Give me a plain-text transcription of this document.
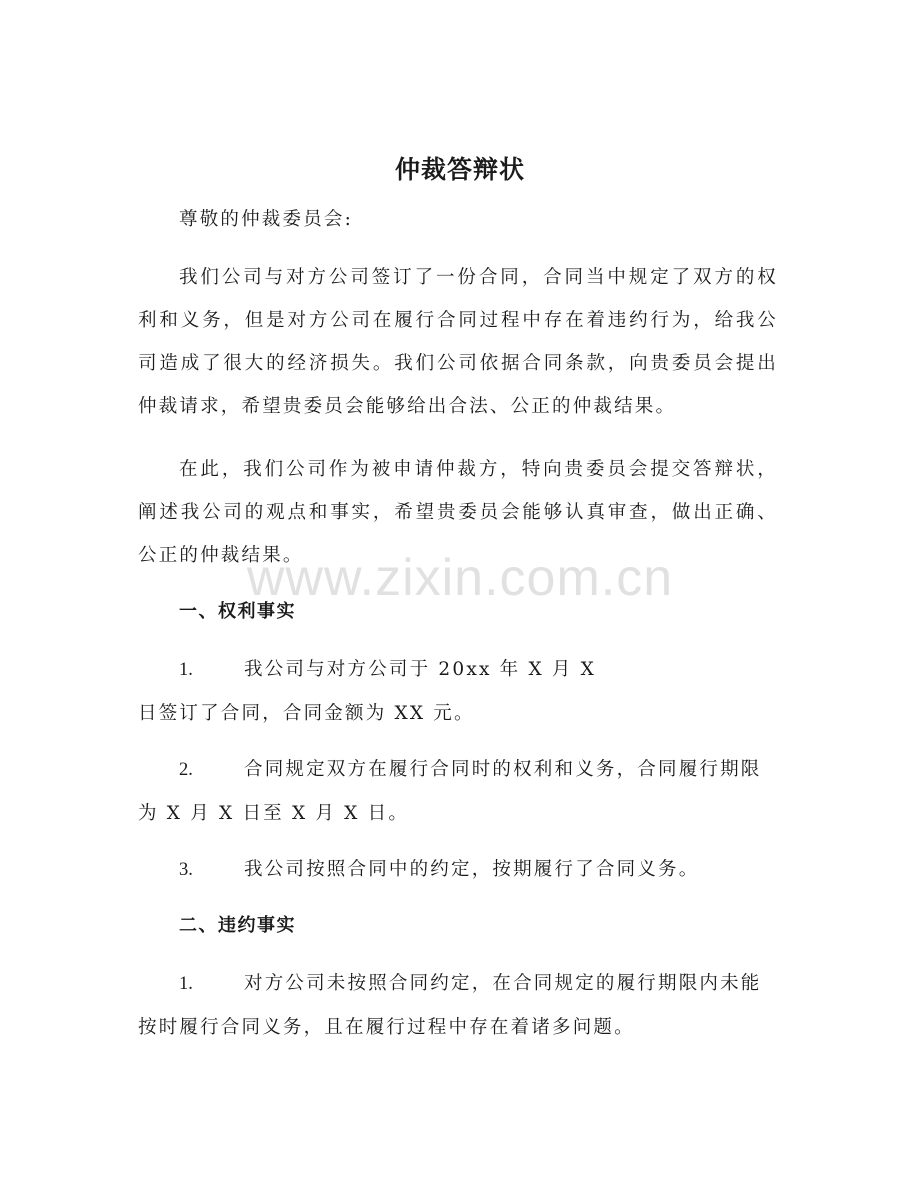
仲裁答辩状
尊敬的仲裁委员会:

我们公司与对方公司签订了一份合同，合同当中规定了双方的权利和义务，但是对方公司在履行合同过程中存在着违约行为，给我公司造成了很大的经济损失。我们公司依据合同条款，向贵委员会提出仲裁请求，希望贵委员会能够给出合法、公正的仲裁结果。

在此，我们公司作为被申请仲裁方，特向贵委员会提交答辩状，阐述我公司的观点和事实，希望贵委员会能够认真审查，做出正确、公正的仲裁结果。

www.zixin.com.cn
一、权利事实
1.	我公司与对方公司于 20xx 年 X 月 X
日签订了合同，合同金额为 XX 元。
2.	合同规定双方在履行合同时的权利和义务，合同履行期限
为 X 月 X 日至 X 月 X 日。
3.	我公司按照合同中的约定，按期履行了合同义务。
二、违约事实
1.	对方公司未按照合同约定，在合同规定的履行期限内未能
按时履行合同义务，且在履行过程中存在着诸多问题。
